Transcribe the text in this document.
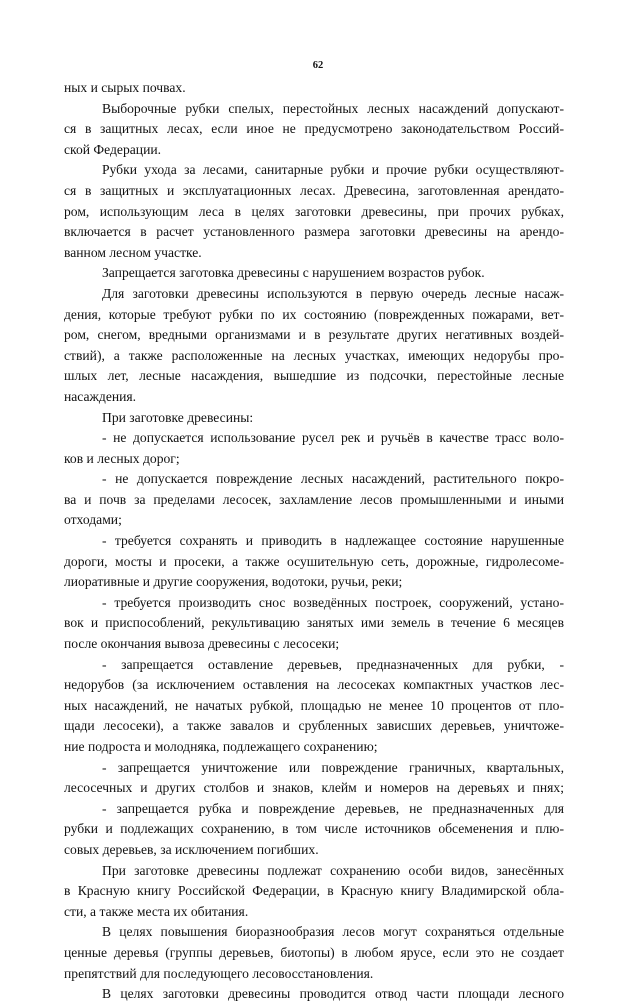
62
ных и сырых почвах.
Выборочные рубки спелых, перестойных лесных насаждений допускают-
ся в защитных лесах, если иное не предусмотрено законодательством Россий-
ской Федерации.
Рубки ухода за лесами, санитарные рубки и прочие рубки осуществляют-
ся в защитных и эксплуатационных лесах. Древесина, заготовленная арендато-
ром, использующим леса в целях заготовки древесины, при прочих рубках,
включается в расчет установленного размера заготовки древесины на арендо-
ванном лесном участке.
Запрещается заготовка древесины с нарушением возрастов рубок.
Для заготовки древесины используются в первую очередь лесные насаж-
дения, которые требуют рубки по их состоянию (поврежденных пожарами, вет-
ром, снегом, вредными организмами и в результате других негативных воздей-
ствий), а также расположенные на лесных участках, имеющих недорубы про-
шлых лет, лесные насаждения, вышедшие из подсочки, перестойные лесные
насаждения.
При заготовке древесины:
- не допускается использование русел рек и ручьёв в качестве трасс воло-
ков и лесных дорог;
- не допускается повреждение лесных насаждений, растительного покро-
ва и почв за пределами лесосек, захламление лесов промышленными и иными
отходами;
- требуется сохранять и приводить в надлежащее состояние нарушенные
дороги, мосты и просеки, а также осушительную сеть, дорожные, гидролесоме-
лиоративные и другие сооружения, водотоки, ручьи, реки;
- требуется производить снос возведённых построек, сооружений, устано-
вок и приспособлений, рекультивацию занятых ими земель в течение 6 месяцев
после окончания вывоза древесины с лесосеки;
- запрещается оставление деревьев, предназначенных для рубки, -
недорубов (за исключением оставления на лесосеках компактных участков лес-
ных насаждений, не начатых рубкой, площадью не менее 10 процентов от пло-
щади лесосеки), а также завалов и срубленных зависших деревьев, уничтоже-
ние подроста и молодняка, подлежащего сохранению;
- запрещается уничтожение или повреждение граничных, квартальных,
лесосечных и других столбов и знаков, клейм и номеров на деревьях и пнях;
- запрещается рубка и повреждение деревьев, не предназначенных для
рубки и подлежащих сохранению, в том числе источников обсеменения и плю-
совых деревьев, за исключением погибших.
При заготовке древесины подлежат сохранению особи видов, занесённых
в Красную книгу Российской Федерации, в Красную книгу Владимирской обла-
сти, а также места их обитания.
В целях повышения биоразнообразия лесов могут сохраняться отдельные
ценные деревья (группы деревьев, биотопы) в любом ярусе, если это не создает
препятствий для последующего лесовосстановления.
В целях заготовки древесины проводится отвод части площади лесного
